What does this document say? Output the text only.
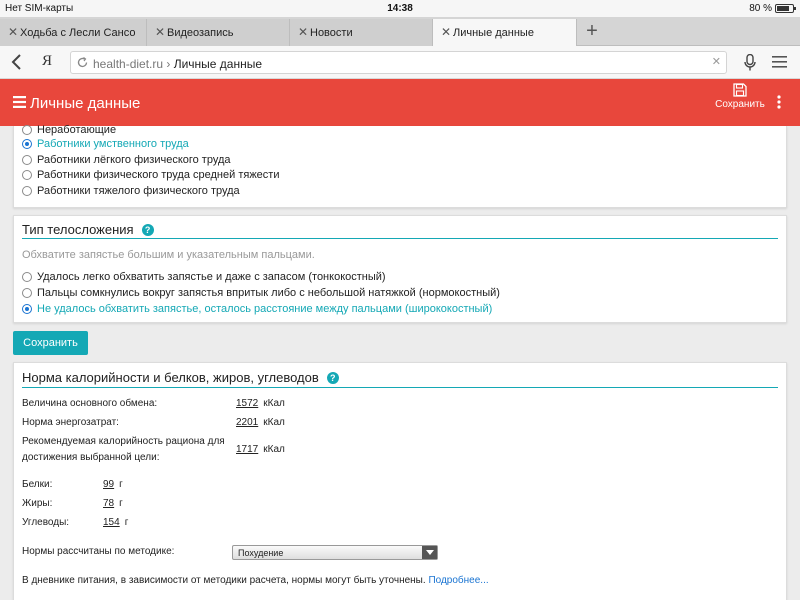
Нет SIM-карты	14:38	80 %
✕ Ходьба с Лесли Сансо	✕ Видеозапись	✕ Новости	✕ Личные данные	+
Я	health-diet.ru › Личные данные	✕
Личные данные	Сохранить
Неработающие
Работники умственного труда
Работники лёгкого физического труда
Работники физического труда средней тяжести
Работники тяжелого физического труда
Тип телосложения ?
Обхватите запястье большим и указательным пальцами.
Удалось легко обхватить запястье и даже с запасом (тонкокостный)
Пальцы сомкнулись вокруг запястья впритык либо с небольшой натяжкой (нормокостный)
Не удалось обхватить запястье, осталось расстояние между пальцами (ширококостный)
Сохранить
Норма калорийности и белков, жиров, углеводов ?
Величина основного обмена:	1572 кКал
Норма энергозатрат:	2201 кКал
Рекомендуемая калорийность рациона для
достижения выбранной цели:
1717 кКал
Белки:	99 г
Жиры:	78 г
Углеводы:	154 г
Нормы рассчитаны по методике:	Похудение
В дневнике питания, в зависимости от методики расчета, нормы могут быть уточнены. Подробнее...
